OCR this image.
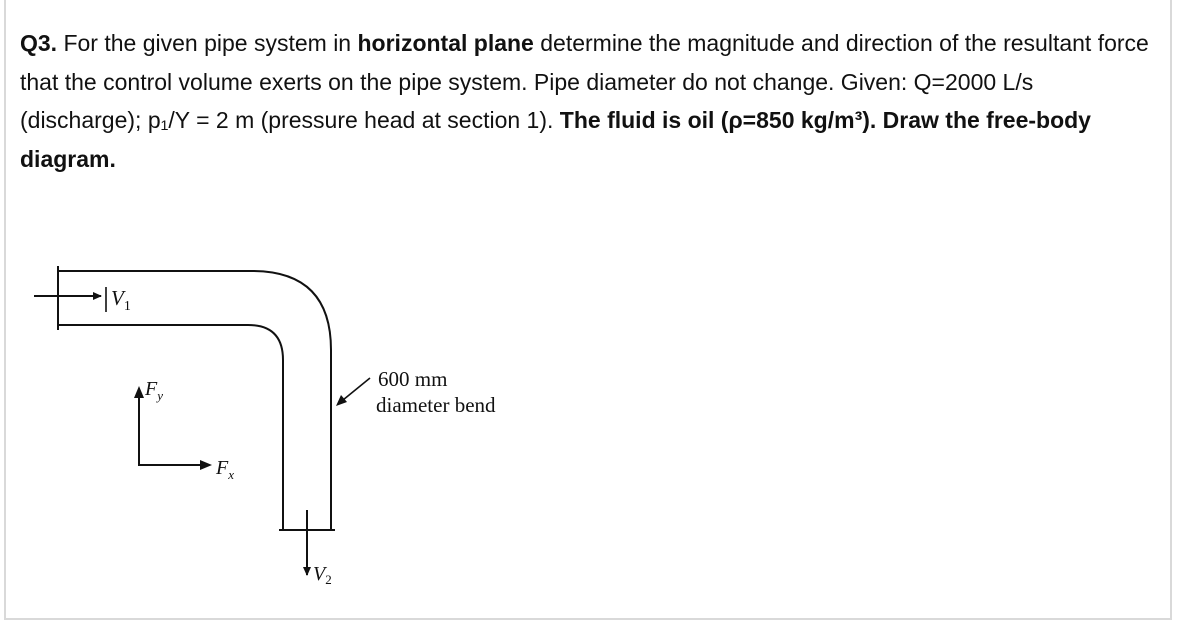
Q3. For the given pipe system in horizontal plane determine the magnitude and direction of the resultant force that the control volume exerts on the pipe system. Pipe diameter do not change. Given: Q=2000 L/s (discharge); p₁/Υ = 2 m (pressure head at section 1). The fluid is oil (ρ=850 kg/m³). Draw the free-body diagram.

$V_1$
$V_2$
$F_y$
$F_x$
600 mm
diameter bend
